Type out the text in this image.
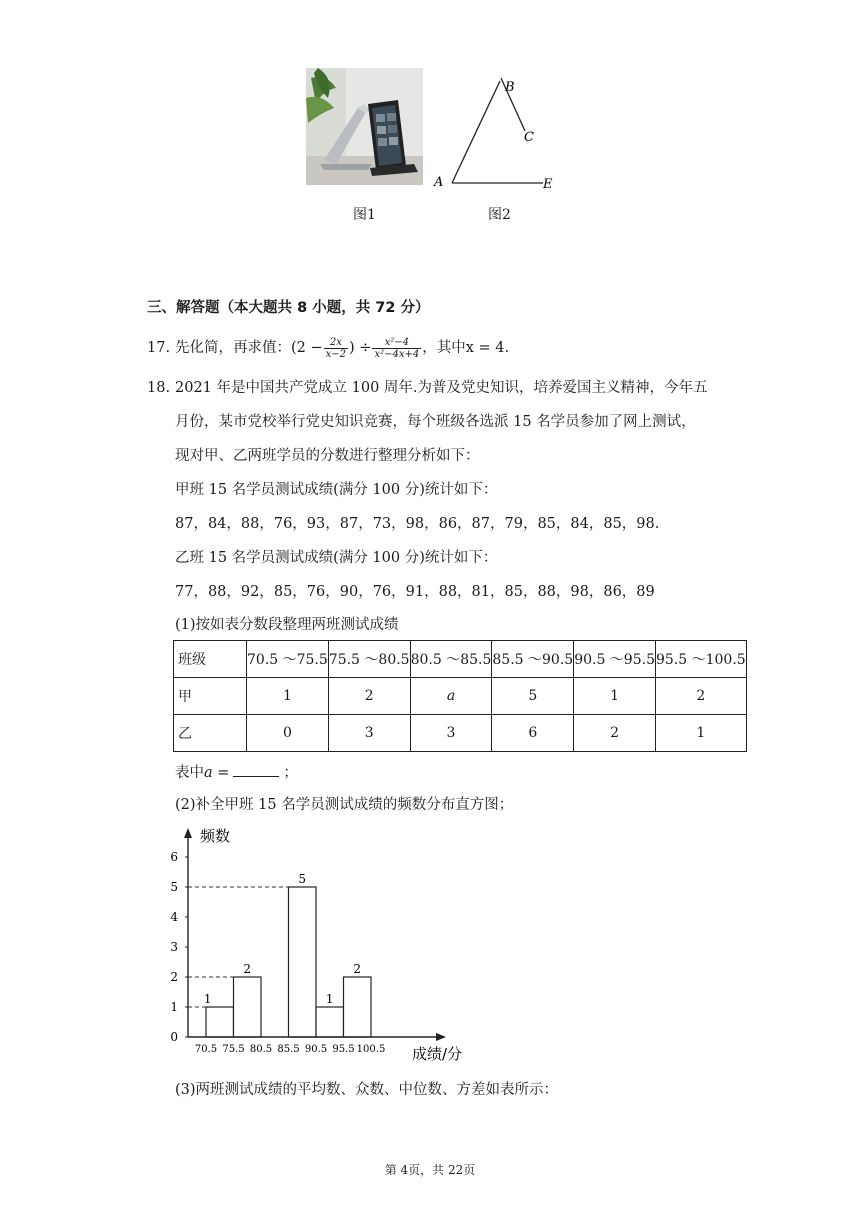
A
B
C
E
图1	图2
三、解答题（本大题共 8 小题，共 72 分）
17. 先化简，再求值： ($2 - \frac{2x}{x-2}$ ) ÷ $\frac{\text{x²−4}}{\text{x²−4x+4}}$ ，其中x = 4.
18. 2021 年是中国共产党成立 100 周年.为普及党史知识，培养爱国主义精神，今年五
月份，某市党校举行党史知识竞赛，每个班级各选派 15 名学员参加了网上测试，
现对甲、乙两班学员的分数进行整理分析如下：
甲班 15 名学员测试成绩(满分 100 分)统计如下：
87，84，88，76，93，87，73，98，86，87，79，85，84，85，98.
乙班 15 名学员测试成绩(满分 100 分)统计如下：
77，88，92，85，76，90，76，91，88，81，85，88，98，86，89
(1)按如表分数段整理两班测试成绩
班级	70.5 ～75.5	75.5 ～80.5	80.5 ～85.5	85.5 ～90.5	90.5 ～95.5	95.5 ～100.5
甲	1	2	a	5	1	2
乙	0	3	3	6	2	1
表中a =	；
(2)补全甲班 15 名学员测试成绩的频数分布直方图；
1
2
5
1
2
0
1
2
3
4
5
6
70.5 75.5 80.5 85.5 90.5 95.5 100.5
频数
成绩/分
(3)两班测试成绩的平均数、众数、中位数、方差如表所示：
第 4页，共 22页
